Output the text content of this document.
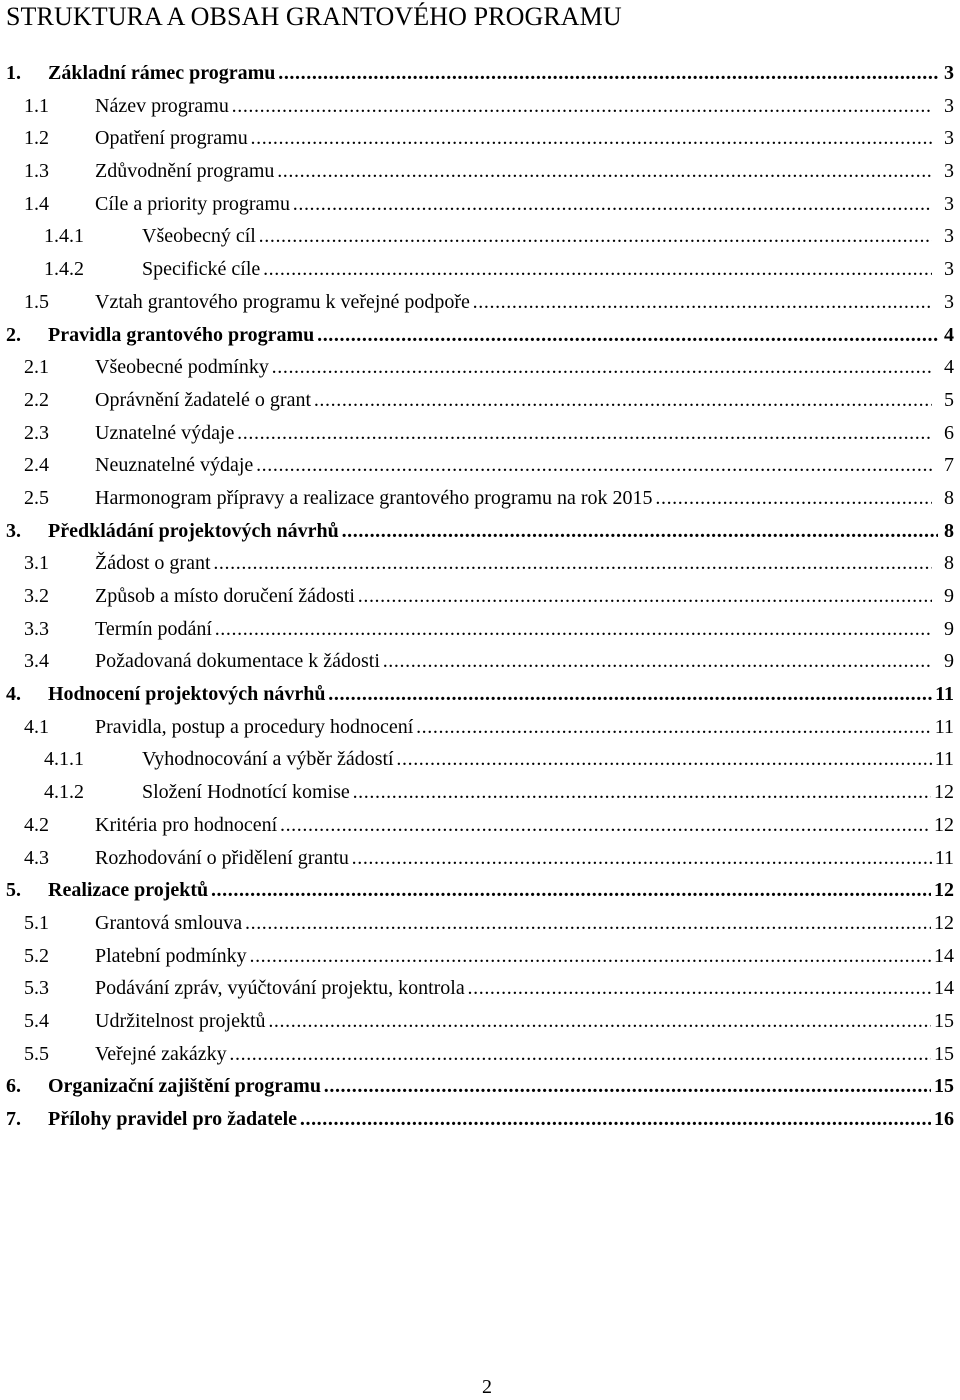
STRUKTURA A OBSAH GRANTOVÉHO PROGRAMU
1. Základní rámec programu . . .	3
1.1 Název programu . . .	3
1.2 Opatření programu . . .	3
1.3 Zdůvodnění programu . . .	3
1.4 Cíle a priority programu . . .	3
1.4.1	Všeobecný cíl . . .	3
1.4.2	Specifické cíle . . .	3
1.5 Vztah grantového programu k veřejné podpoře . . .	3
2. Pravidla grantového programu . . .	4
2.1 Všeobecné podmínky . . .	4
2.2 Oprávnění žadatelé o grant . . .	5
2.3 Uznatelné výdaje . . .	6
2.4 Neuznatelné výdaje . . .	7
2.5 Harmonogram přípravy a realizace grantového programu na rok 2015 . . .	8
3. Předkládání projektových návrhů . . .	8
3.1 Žádost o grant . . .	8
3.2 Způsob a místo doručení žádosti . . .	9
3.3 Termín podání . . .	9
3.4 Požadovaná dokumentace k žádosti . . .	9
4. Hodnocení projektových návrhů . . .	11
4.1 Pravidla, postup a procedury hodnocení . . .	11
4.1.1	Vyhodnocování a výběr žádostí . . .	11
4.1.2	Složení Hodnotící komise . . .	12
4.2 Kritéria pro hodnocení . . .	12
4.3 Rozhodování o přidělení grantu . . .	11
5. Realizace projektů . . .	12
5.1 Grantová smlouva . . .	12
5.2 Platební podmínky . . .	14
5.3 Podávání zpráv, vyúčtování projektu, kontrola . . .	14
5.4 Udržitelnost projektů . . .	15
5.5 Veřejné zakázky . . .	15
6. Organizační zajištění programu . . .	15
7. Přílohy pravidel pro žadatele . . .	16
2
